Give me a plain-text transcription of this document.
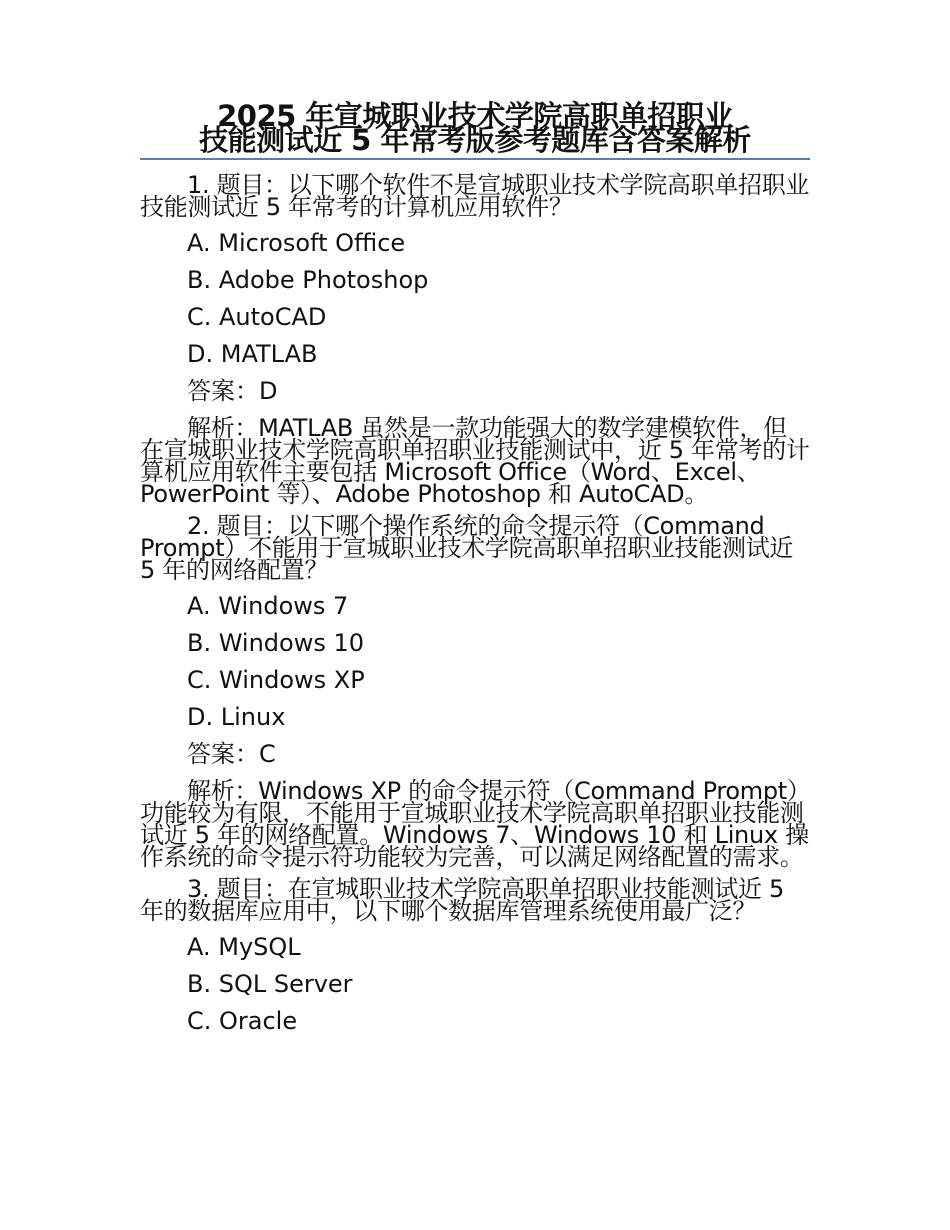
2025 年宣城职业技术学院高职单招职业
技能测试近 5 年常考版参考题库含答案解析

1. 题目：以下哪个软件不是宣城职业技术学院高职单招职业技能测试近 5 年常考的计算机应用软件？

A. Microsoft Office

B. Adobe Photoshop

C. AutoCAD

D. MATLAB

答案：D

解析：MATLAB 虽然是一款功能强大的数学建模软件，但在宣城职业技术学院高职单招职业技能测试中，近 5 年常考的计算机应用软件主要包括 Microsoft Office（Word、Excel、PowerPoint 等）、Adobe Photoshop 和 AutoCAD。

2. 题目：以下哪个操作系统的命令提示符（Command Prompt）不能用于宣城职业技术学院高职单招职业技能测试近 5 年的网络配置？

A. Windows 7

B. Windows 10

C. Windows XP

D. Linux

答案：C

解析：Windows XP 的命令提示符（Command Prompt）功能较为有限，不能用于宣城职业技术学院高职单招职业技能测试近 5 年的网络配置。Windows 7、Windows 10 和 Linux 操作系统的命令提示符功能较为完善，可以满足网络配置的需求。

3. 题目：在宣城职业技术学院高职单招职业技能测试近 5 年的数据库应用中，以下哪个数据库管理系统使用最广泛？

A. MySQL

B. SQL Server

C. Oracle
